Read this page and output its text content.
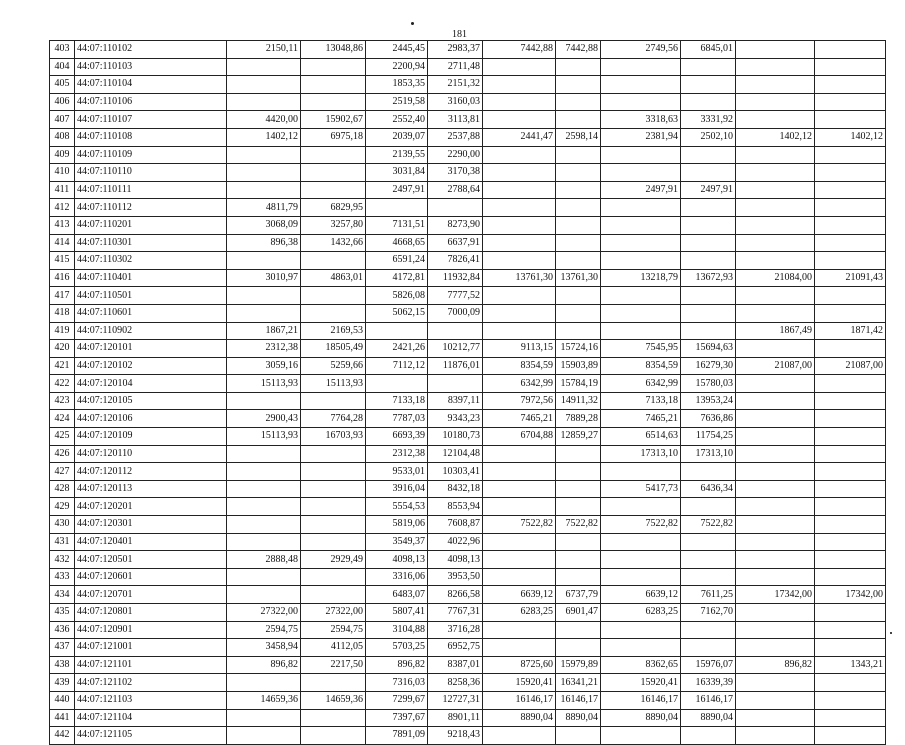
181
403	44:07:110102	2150,11	13048,86	2445,45	2983,37	7442,88	7442,88	2749,56	6845,01		
404	44:07:110103			2200,94	2711,48						
405	44:07:110104			1853,35	2151,32						
406	44:07:110106			2519,58	3160,03						
407	44:07:110107	4420,00	15902,67	2552,40	3113,81			3318,63	3331,92		
408	44:07:110108	1402,12	6975,18	2039,07	2537,88	2441,47	2598,14	2381,94	2502,10	1402,12	1402,12
409	44:07:110109			2139,55	2290,00						
410	44:07:110110			3031,84	3170,38						
411	44:07:110111			2497,91	2788,64			2497,91	2497,91		
412	44:07:110112	4811,79	6829,95								
413	44:07:110201	3068,09	3257,80	7131,51	8273,90						
414	44:07:110301	896,38	1432,66	4668,65	6637,91						
415	44:07:110302			6591,24	7826,41						
416	44:07:110401	3010,97	4863,01	4172,81	11932,84	13761,30	13761,30	13218,79	13672,93	21084,00	21091,43
417	44:07:110501			5826,08	7777,52						
418	44:07:110601			5062,15	7000,09						
419	44:07:110902	1867,21	2169,53							1867,49	1871,42
420	44:07:120101	2312,38	18505,49	2421,26	10212,77	9113,15	15724,16	7545,95	15694,63		
421	44:07:120102	3059,16	5259,66	7112,12	11876,01	8354,59	15903,89	8354,59	16279,30	21087,00	21087,00
422	44:07:120104	15113,93	15113,93			6342,99	15784,19	6342,99	15780,03		
423	44:07:120105			7133,18	8397,11	7972,56	14911,32	7133,18	13953,24		
424	44:07:120106	2900,43	7764,28	7787,03	9343,23	7465,21	7889,28	7465,21	7636,86		
425	44:07:120109	15113,93	16703,93	6693,39	10180,73	6704,88	12859,27	6514,63	11754,25		
426	44:07:120110			2312,38	12104,48			17313,10	17313,10		
427	44:07:120112			9533,01	10303,41						
428	44:07:120113			3916,04	8432,18			5417,73	6436,34		
429	44:07:120201			5554,53	8553,94						
430	44:07:120301			5819,06	7608,87	7522,82	7522,82	7522,82	7522,82		
431	44:07:120401			3549,37	4022,96						
432	44:07:120501	2888,48	2929,49	4098,13	4098,13						
433	44:07:120601			3316,06	3953,50						
434	44:07:120701			6483,07	8266,58	6639,12	6737,79	6639,12	7611,25	17342,00	17342,00
435	44:07:120801	27322,00	27322,00	5807,41	7767,31	6283,25	6901,47	6283,25	7162,70		
436	44:07:120901	2594,75	2594,75	3104,88	3716,28						
437	44:07:121001	3458,94	4112,05	5703,25	6952,75						
438	44:07:121101	896,82	2217,50	896,82	8387,01	8725,60	15979,89	8362,65	15976,07	896,82	1343,21
439	44:07:121102			7316,03	8258,36	15920,41	16341,21	15920,41	16339,39		
440	44:07:121103	14659,36	14659,36	7299,67	12727,31	16146,17	16146,17	16146,17	16146,17		
441	44:07:121104			7397,67	8901,11	8890,04	8890,04	8890,04	8890,04		
442	44:07:121105			7891,09	9218,43						
